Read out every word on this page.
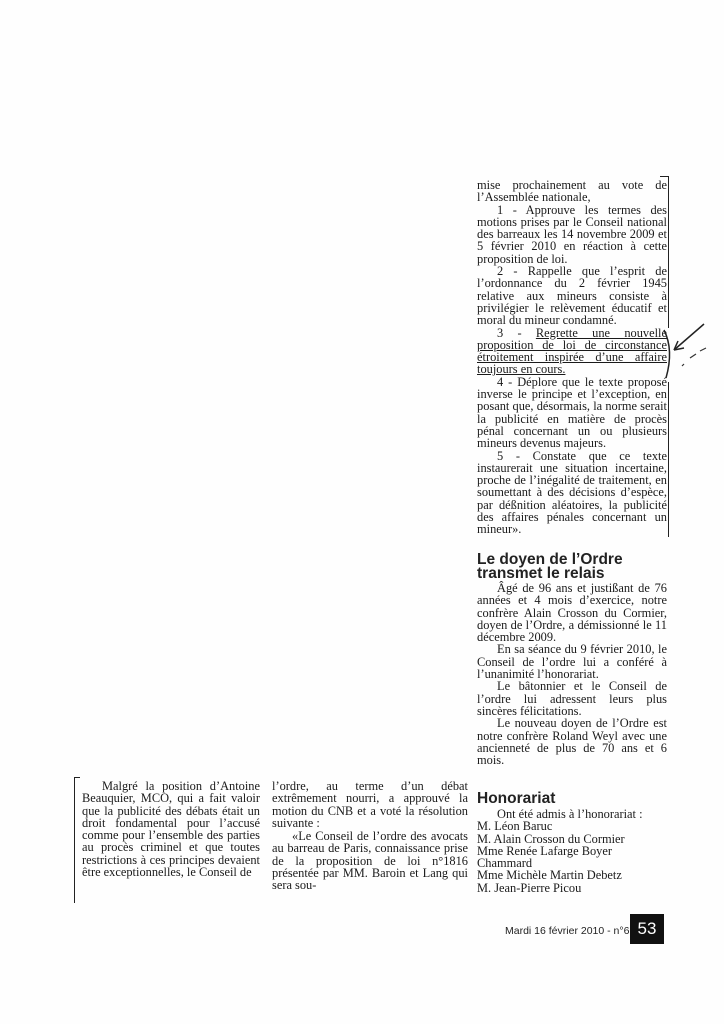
mise prochainement au vote de l’Assemblée nationale,

1 - Approuve les termes des motions prises par le Conseil national des barreaux les 14 novembre 2009 et 5 février 2010 en réaction à cette proposition de loi.

2 - Rappelle que l’esprit de l’ordonnance du 2 février 1945 relative aux mineurs consiste à privilégier le relèvement éducatif et moral du mineur condamné.

3 - Regrette une nouvelle proposition de loi de circonstance étroitement inspirée d’une affaire toujours en cours.

4 - Déplore que le texte proposé inverse le principe et l’exception, en posant que, désormais, la norme serait la publicité en matière de procès pénal concernant un ou plusieurs mineurs devenus majeurs.

5 - Constate que ce texte instaurerait une situation incertaine, proche de l’inégalité de traitement, en soumettant à des décisions d’espèce, par déßnition aléatoires, la publicité des affaires pénales concernant un mineur».

Le doyen de l’Ordre transmet le relais

Âgé de 96 ans et justißant de 76 années et 4 mois d’exercice, notre confrère Alain Crosson du Cormier, doyen de l’Ordre, a démissionné le 11 décembre 2009.

En sa séance du 9 février 2010, le Conseil de l’ordre lui a conféré à l’unanimité l’honorariat.

Le bâtonnier et le Conseil de l’ordre lui adressent leurs plus sincères félicitations.

Le nouveau doyen de l’Ordre est notre confrère Roland Weyl avec une ancienneté de plus de 70 ans et 6 mois.

Honorariat

Ont été admis à l’honorariat :

M. Léon Baruc

M. Alain Crosson du Cormier

Mme Renée Lafarge Boyer Chammard

Mme Michèle Martin Debetz

M. Jean-Pierre Picou

Malgré la position d’Antoine Beauquier, MCO, qui a fait valoir que la publicité des débats était un droit fondamental pour l’accusé comme pour l’ensemble des parties au procès criminel et que toutes restrictions à ces principes devaient être exceptionnelles, le Conseil de

l’ordre, au terme d’un débat extrêmement nourri, a approuvé la motion du CNB et a voté la résolution suivante :

«Le Conseil de l’ordre des avocats au barreau de Paris, connaissance prise de la proposition de loi n°1816 présentée par MM. Baroin et Lang qui sera sou-

Mardi 16 février 2010 - n°6 53
